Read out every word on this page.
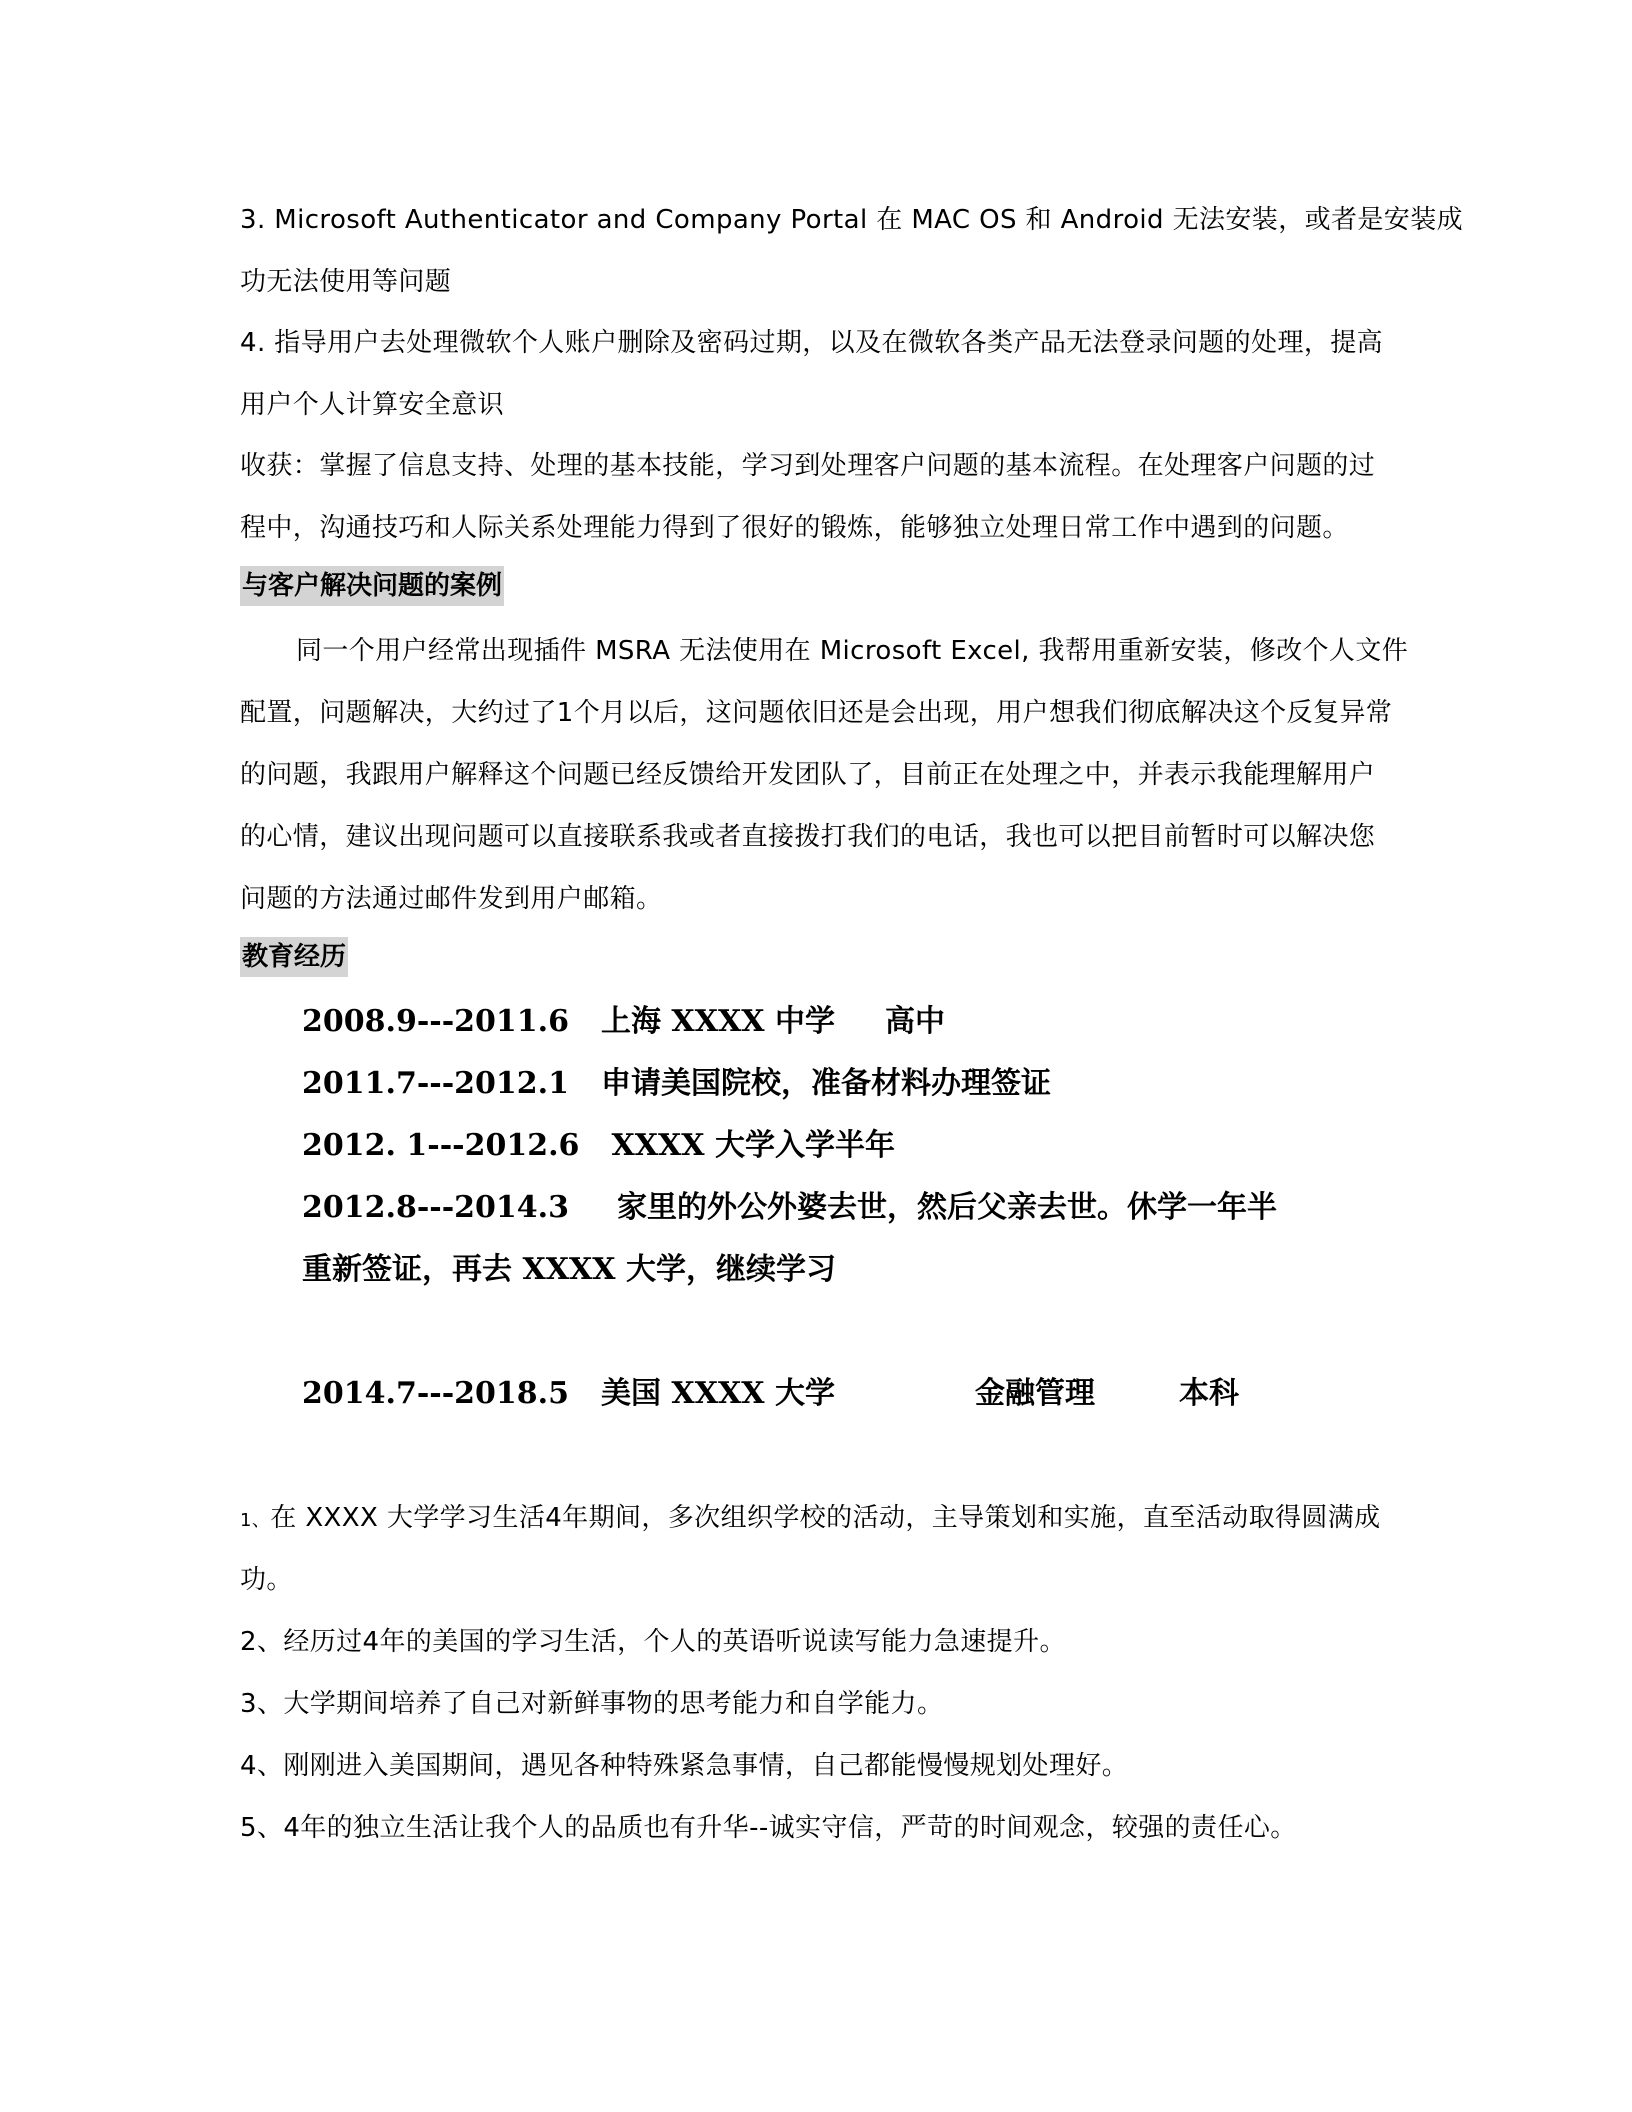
3. Microsoft Authenticator and Company Portal 在 MAC OS 和 Android 无法安装，或者是安装成
功无法使用等问题
4. 指导用户去处理微软个人账户删除及密码过期，以及在微软各类产品无法登录问题的处理，提高
用户个人计算安全意识
收获：掌握了信息支持、处理的基本技能，学习到处理客户问题的基本流程。在处理客户问题的过
程中，沟通技巧和人际关系处理能力得到了很好的锻炼，能够独立处理日常工作中遇到的问题。
与客户解决问题的案例
同一个用户经常出现插件 MSRA 无法使用在 Microsoft Excel, 我帮用重新安装，修改个人文件
配置，问题解决，大约过了1个月以后，这问题依旧还是会出现，用户想我们彻底解决这个反复异常
的问题，我跟用户解释这个问题已经反馈给开发团队了，目前正在处理之中，并表示我能理解用户
的心情，建议出现问题可以直接联系我或者直接拨打我们的电话，我也可以把目前暂时可以解决您
问题的方法通过邮件发到用户邮箱。
教育经历
2008.9---2011.6 上海 XXXX 中学 高中
2011.7---2012.1 申请美国院校，准备材料办理签证
2012. 1---2012.6 XXXX 大学入学半年
2012.8---2014.3 家里的外公外婆去世，然后父亲去世。休学一年半
重新签证，再去 XXXX 大学，继续学习
2014.7---2018.5 美国 XXXX 大学	金融管理	本科
1、在 XXXX 大学学习生活4年期间，多次组织学校的活动，主导策划和实施，直至活动取得圆满成
功。
2、经历过4年的美国的学习生活，个人的英语听说读写能力急速提升。
3、大学期间培养了自己对新鲜事物的思考能力和自学能力。
4、刚刚进入美国期间，遇见各种特殊紧急事情，自己都能慢慢规划处理好。
5、4年的独立生活让我个人的品质也有升华--诚实守信，严苛的时间观念，较强的责任心。
